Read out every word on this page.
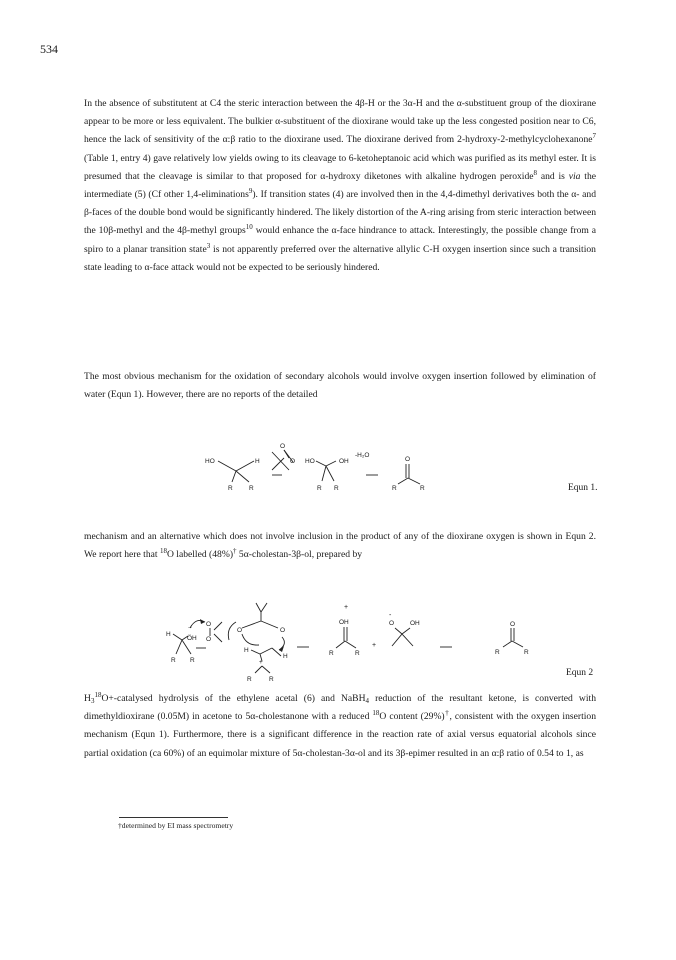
534

In the absence of substitutent at C4 the steric interaction between the 4β-H or the 3α-H and the α-substituent group of the dioxirane appear to be more or less equivalent. The bulkier α-substituent of the dioxirane would take up the less congested position near to C6, hence the lack of sensitivity of the α:β ratio to the dioxirane used. The dioxirane derived from 2-hydroxy-2-methylcyclohexanone$^7$ (Table 1, entry 4) gave relatively low yields owing to its cleavage to 6-ketoheptanoic acid which was purified as its methyl ester. It is presumed that the cleavage is similar to that proposed for α-hydroxy diketones with alkaline hydrogen peroxide$^8$ and is via the intermediate (5) (Cf other 1,4-eliminations$^9$). If transition states (4) are involved then in the 4,4-dimethyl derivatives both the α- and β-faces of the double bond would be significantly hindered. The likely distortion of the A-ring arising from steric interaction between the 10β-methyl and the 4β-methyl groups$^{10}$ would enhance the α-face hindrance to attack. Interestingly, the possible change from a spiro to a planar transition state$^3$ is not apparently preferred over the alternative allylic C-H oxygen insertion since such a transition state leading to α-face attack would not be expected to be seriously hindered.

The most obvious mechanism for the oxidation of secondary alcohols would involve oxygen insertion followed by elimination of water (Equn 1). However, there are no reports of the detailed

HO	H
R	R
O
O HO	OH
R R
-H₂O
O
R	R	Equn 1.

mechanism and an alternative which does not involve inclusion in the product of any of the dioxirane oxygen is shown in Equn 2. We report here that $^{18}$O labelled (48%)† 5α-cholestan-3β-ol, prepared by

H
..
ÖH
R R
O
O
O	O
H
+
H
R	R
+
OH
R	R
+
-
O OH	O
R	R
Equn 2

$H_3^{18}O+$-catalysed hydrolysis of the ethylene acetal (6) and NaBH$_4$ reduction of the resultant ketone, is converted with dimethyldioxirane (0.05M) in acetone to 5α-cholestanone with a reduced $^{18}$O content (29%)†, consistent with the oxygen insertion mechanism (Equn 1). Furthermore, there is a significant difference in the reaction rate of axial versus equatorial alcohols since partial oxidation (ca 60%) of an equimolar mixture of 5α-cholestan-3α-ol and its 3β-epimer resulted in an α:β ratio of 0.54 to 1, as

†determined by EI mass spectrometry
